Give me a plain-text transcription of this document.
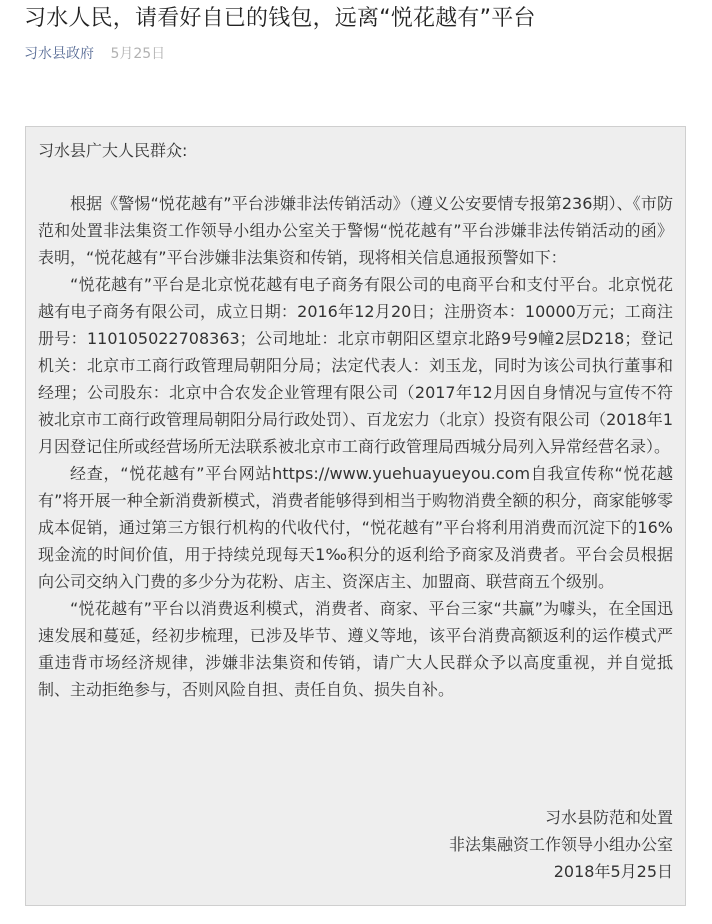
习水人民，请看好自已的钱包，远离“悦花越有”平台
习水县政府 5月25日

习水县广大人民群众:

根据《警惕“悦花越有”平台涉嫌非法传销活动》（遵义公安要情专报第236期）、《市防范和处置非法集资工作领导小组办公室关于警惕“悦花越有”平台涉嫌非法传销活动的函》表明，“悦花越有”平台涉嫌非法集资和传销，现将相关信息通报预警如下：

“悦花越有”平台是北京悦花越有电子商务有限公司的电商平台和支付平台。北京悦花越有电子商务有限公司，成立日期：2016年12月20日；注册资本：10000万元；工商注册号：110105022708363；公司地址：北京市朝阳区望京北路9号9幢2层D218；登记机关：北京市工商行政管理局朝阳分局；法定代表人：刘玉龙，同时为该公司执行董事和经理；公司股东：北京中合农发企业管理有限公司（2017年12月因自身情况与宣传不符被北京市工商行政管理局朝阳分局行政处罚）、百龙宏力（北京）投资有限公司（2018年1月因登记住所或经营场所无法联系被北京市工商行政管理局西城分局列入异常经营名录）。

经查，“悦花越有”平台网站https://www.yuehuayueyou.com自我宣传称“悦花越有”将开展一种全新消费新模式，消费者能够得到相当于购物消费全额的积分，商家能够零成本促销，通过第三方银行机构的代收代付，“悦花越有”平台将利用消费而沉淀下的16%现金流的时间价值，用于持续兑现每天1‰积分的返利给予商家及消费者。平台会员根据向公司交纳入门费的多少分为花粉、店主、资深店主、加盟商、联营商五个级别。

“悦花越有”平台以消费返利模式，消费者、商家、平台三家“共赢”为噱头，在全国迅速发展和蔓延，经初步梳理，已涉及毕节、遵义等地，该平台消费高额返利的运作模式严重违背市场经济规律，涉嫌非法集资和传销，请广大人民群众予以高度重视，并自觉抵制、主动拒绝参与，否则风险自担、责任自负、损失自补。

习水县防范和处置

非法集融资工作领导小组办公室

2018年5月25日
